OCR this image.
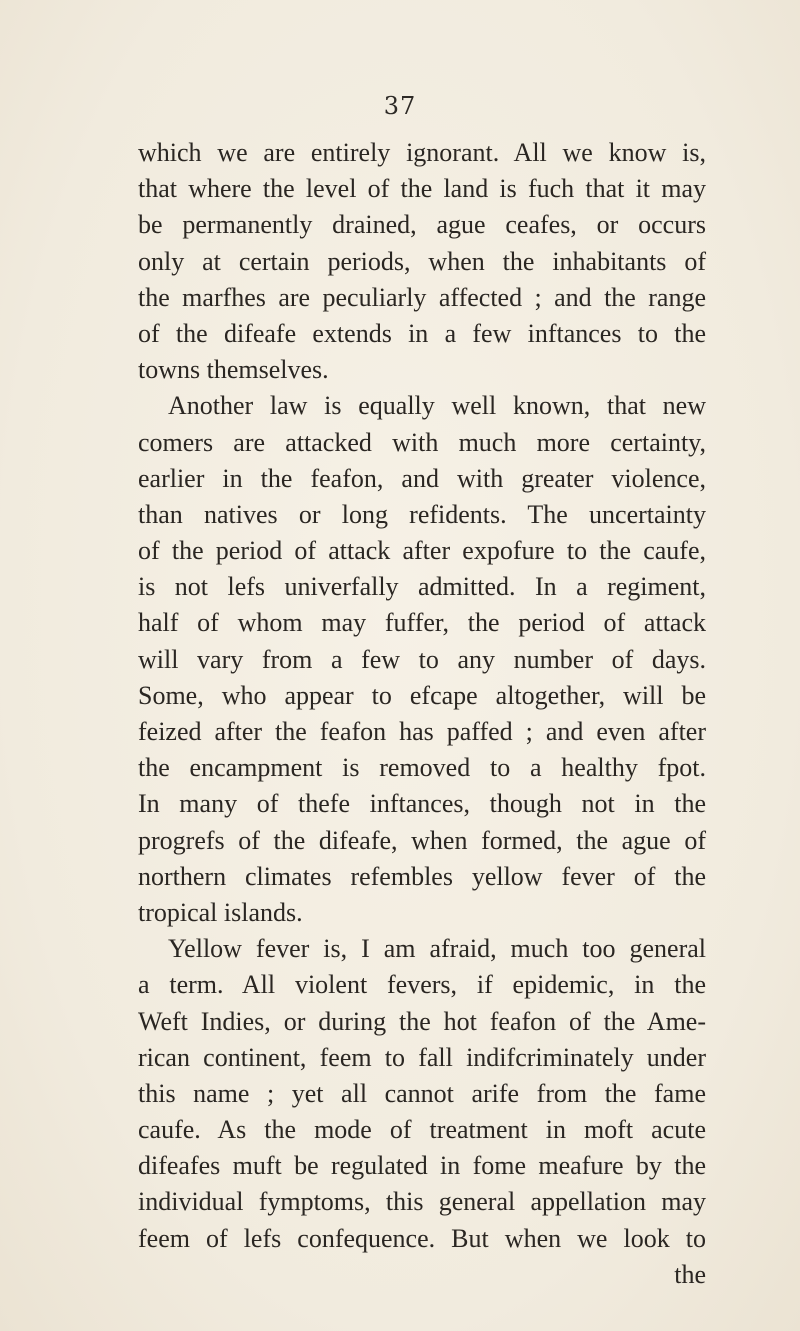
37
which we are entirely ignorant. All we know is,
that where the level of the land is fuch that it may
be permanently drained, ague ceafes, or occurs
only at certain periods, when the inhabitants of
the marfhes are peculiarly affected ; and the range
of the difeafe extends in a few inftances to the
towns themselves.
Another law is equally well known, that new
comers are attacked with much more certainty,
earlier in the feafon, and with greater violence,
than natives or long refidents. The uncertainty
of the period of attack after expofure to the caufe,
is not lefs univerfally admitted. In a regiment,
half of whom may fuffer, the period of attack
will vary from a few to any number of days.
Some, who appear to efcape altogether, will be
feized after the feafon has paffed ; and even after
the encampment is removed to a healthy fpot.
In many of thefe inftances, though not in the
progrefs of the difeafe, when formed, the ague of
northern climates refembles yellow fever of the
tropical islands.
Yellow fever is, I am afraid, much too general
a term. All violent fevers, if epidemic, in the
Weft Indies, or during the hot feafon of the Ame-
rican continent, feem to fall indifcriminately under
this name ; yet all cannot arife from the fame
caufe. As the mode of treatment in moft acute
difeafes muft be regulated in fome meafure by the
individual fymptoms, this general appellation may
feem of lefs confequence. But when we look to
the
